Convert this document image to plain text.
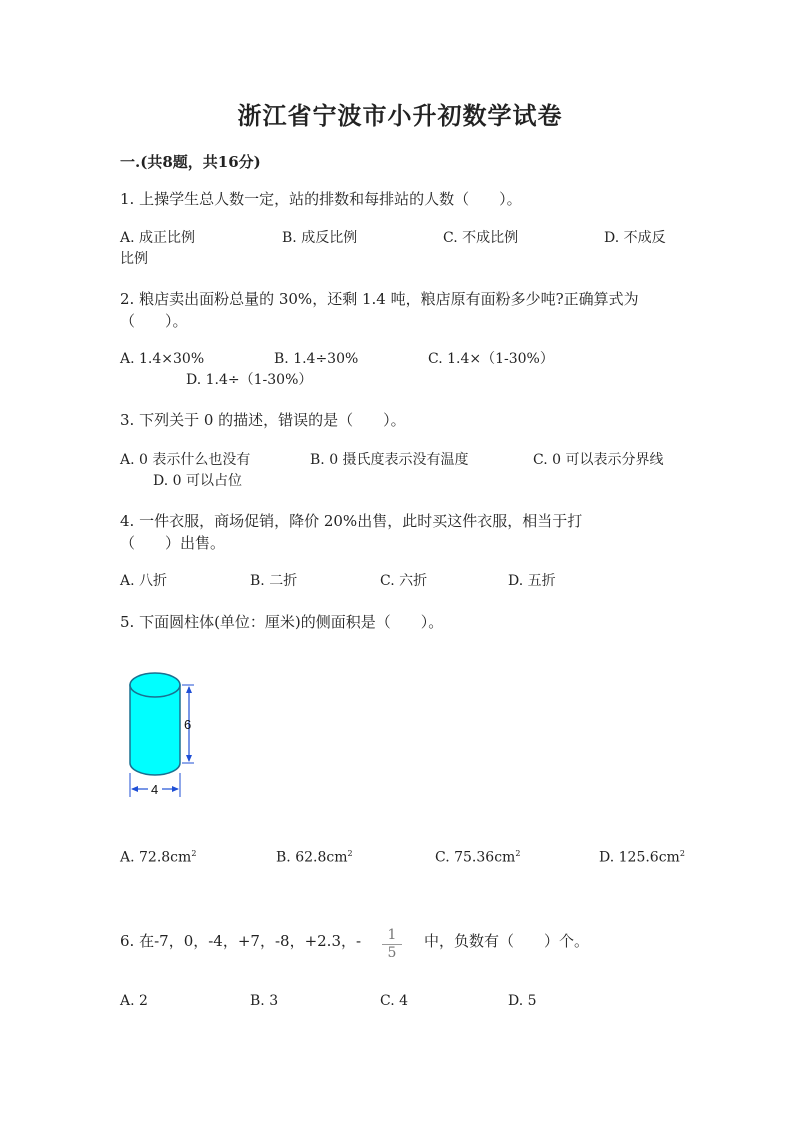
浙江省宁波市小升初数学试卷
一.(共8题，共16分)
1. 上操学生总人数一定，站的排数和每排站的人数（　　）。
A. 成正比例	B. 成反比例	C. 不成比例	D. 不成反
比例
2. 粮店卖出面粉总量的 30%，还剩 1.4 吨，粮店原有面粉多少吨?正确算式为
（　　）。
A. 1.4×30%	B. 1.4÷30%	C. 1.4×（1-30%）
D. 1.4÷（1-30%）
3. 下列关于 0 的描述，错误的是（　　）。
A. 0 表示什么也没有	B. 0 摄氏度表示没有温度	C. 0 可以表示分界线
D. 0 可以占位
4. 一件衣服，商场促销，降价 20%出售，此时买这件衣服，相当于打
（　　）出售。
A. 八折	B. 二折	C. 六折	D. 五折
5. 下面圆柱体(单位：厘米)的侧面积是（　　）。
6
4
A. $72.8cm^2$	B. $62.8cm^2$	C. $75.36cm^2$	D. $125.6cm^2$
6. 在-7，0，-4，+7，-8，+2.3，- $\frac{1}{5}$ 中，负数有（　　）个。
A. 2	B. 3	C. 4	D. 5
